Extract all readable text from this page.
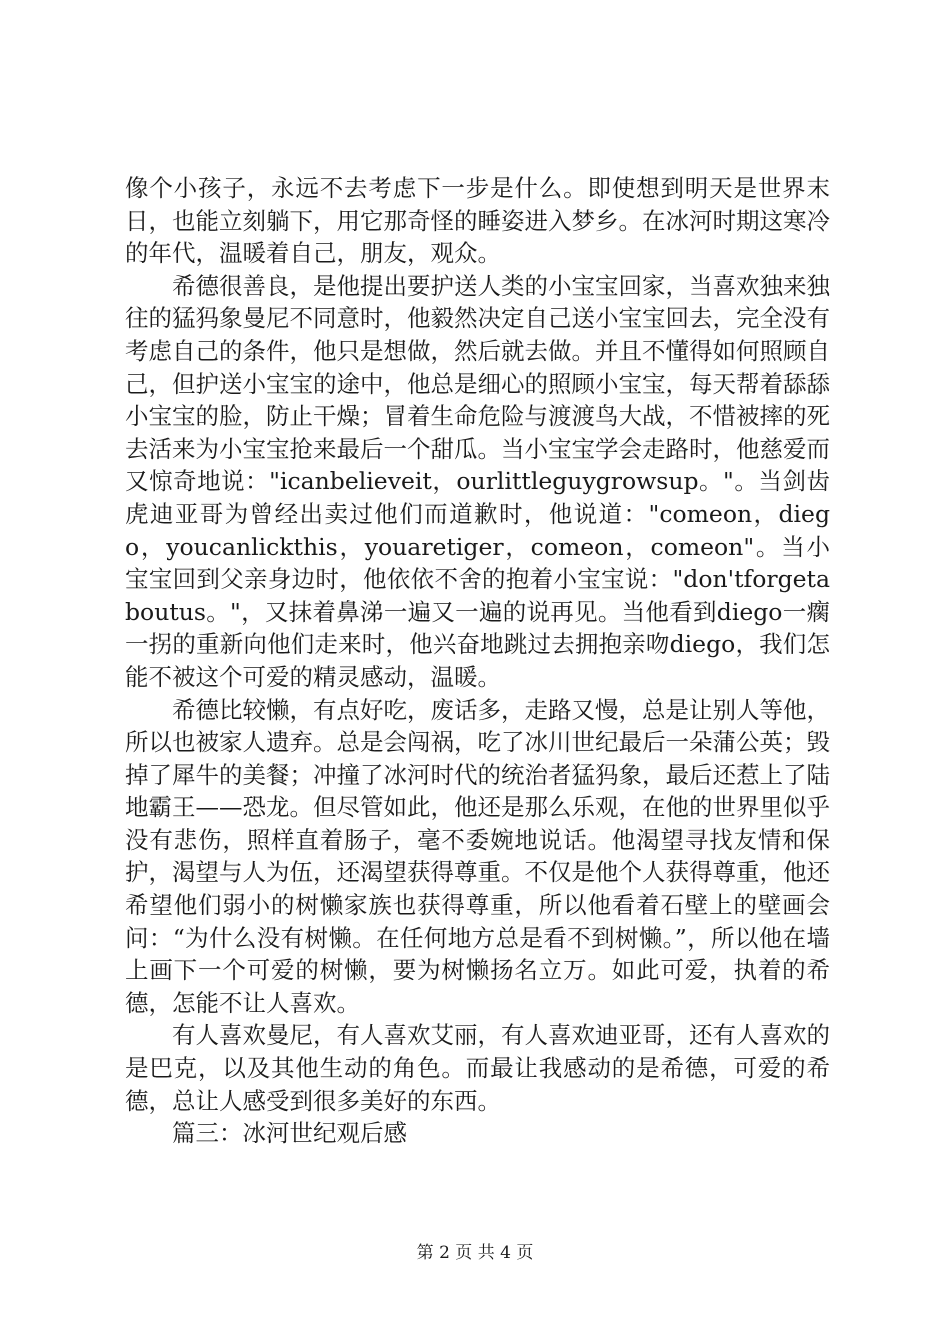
像个小孩子，永远不去考虑下一步是什么。即使想到明天是世界末日，也能立刻躺下，用它那奇怪的睡姿进入梦乡。在冰河时期这寒冷的年代，温暖着自己，朋友，观众。

希德很善良，是他提出要护送人类的小宝宝回家，当喜欢独来独往的猛犸象曼尼不同意时，他毅然决定自己送小宝宝回去，完全没有考虑自己的条件，他只是想做，然后就去做。并且不懂得如何照顾自己，但护送小宝宝的途中，他总是细心的照顾小宝宝，每天帮着舔舔小宝宝的脸，防止干燥；冒着生命危险与渡渡鸟大战，不惜被摔的死去活来为小宝宝抢来最后一个甜瓜。当小宝宝学会走路时，他慈爱而又惊奇地说："icanbelieveit，ourlittleguygrowsup。"。当剑齿虎迪亚哥为曾经出卖过他们而道歉时，他说道："comeon，diego，youcanlickthis，youaretiger，comeon，comeon"。当小宝宝回到父亲身边时，他依依不舍的抱着小宝宝说："don'tforgetaboutus。"，又抹着鼻涕一遍又一遍的说再见。当他看到diego一瘸一拐的重新向他们走来时，他兴奋地跳过去拥抱亲吻diego，我们怎能不被这个可爱的精灵感动，温暖。

希德比较懒，有点好吃，废话多，走路又慢，总是让别人等他，所以也被家人遗弃。总是会闯祸，吃了冰川世纪最后一朵蒲公英；毁掉了犀牛的美餐；冲撞了冰河时代的统治者猛犸象，最后还惹上了陆地霸王——恐龙。但尽管如此，他还是那么乐观，在他的世界里似乎没有悲伤，照样直着肠子，毫不委婉地说话。他渴望寻找友情和保护，渴望与人为伍，还渴望获得尊重。不仅是他个人获得尊重，他还希望他们弱小的树懒家族也获得尊重，所以他看着石壁上的壁画会问：“为什么没有树懒。在任何地方总是看不到树懒。”，所以他在墙上画下一个可爱的树懒，要为树懒扬名立万。如此可爱，执着的希德，怎能不让人喜欢。

有人喜欢曼尼，有人喜欢艾丽，有人喜欢迪亚哥，还有人喜欢的是巴克，以及其他生动的角色。而最让我感动的是希德，可爱的希德，总让人感受到很多美好的东西。

篇三：冰河世纪观后感

第 2 页 共 4 页
